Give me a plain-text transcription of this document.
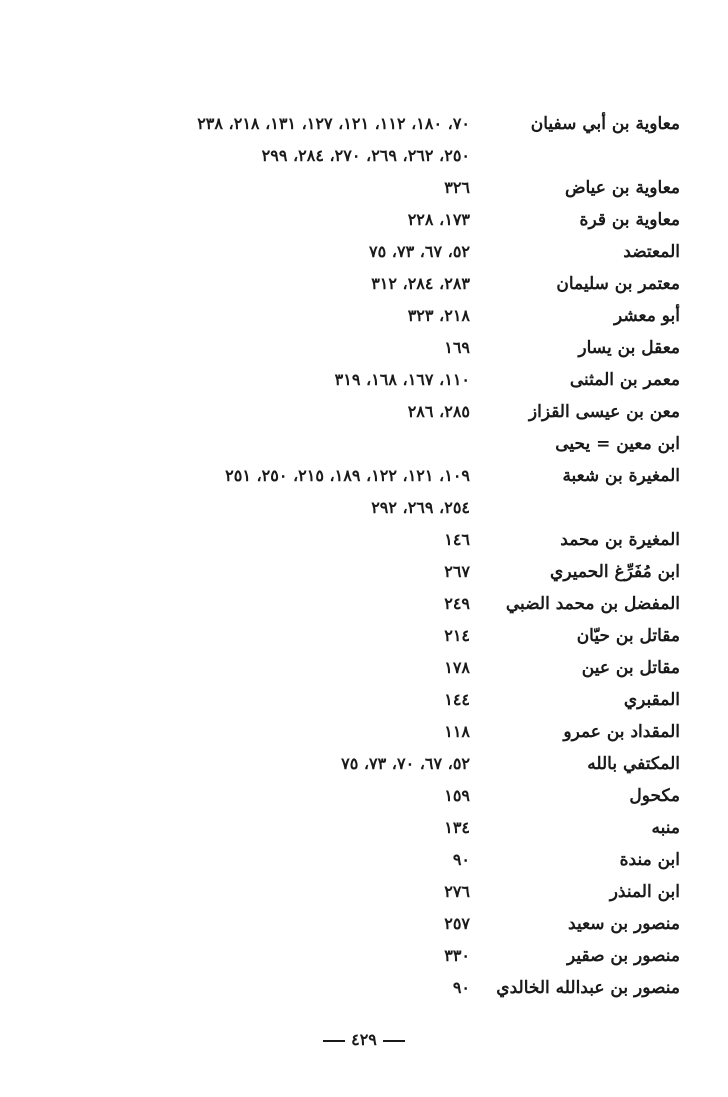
معاوية بن أبي سفيان
٧٠، ١٨٠، ١١٢، ١٢١، ١٢٧، ١٣١، ٢١٨، ٢٣٨
٢٥٠، ٢٦٢، ٢٦٩، ٢٧٠، ٢٨٤، ٢٩٩
معاوية بن عياض
٣٢٦
معاوية بن قرة
١٧٣، ٢٢٨
المعتضد
٥٢، ٦٧، ٧٣، ٧٥
معتمر بن سليمان
٢٨٣، ٢٨٤، ٣١٢
أبو معشر
٢١٨، ٣٢٣
معقل بن يسار
١٦٩
معمر بن المثنى
١١٠، ١٦٧، ١٦٨، ٣١٩
معن بن عيسى القزاز
٢٨٥، ٢٨٦
ابن معين = يحيى
المغيرة بن شعبة
١٠٩، ١٢١، ١٢٢، ١٨٩، ٢١٥، ٢٥٠، ٢٥١
٢٥٤، ٢٦٩، ٢٩٢
المغيرة بن محمد
١٤٦
ابن مُفَرِّغ الحميري
٢٦٧
المفضل بن محمد الضبي
٢٤٩
مقاتل بن حيّان
٢١٤
مقاتل بن عين
١٧٨
المقبري
١٤٤
المقداد بن عمرو
١١٨
المكتفي بالله
٥٢، ٦٧، ٧٠، ٧٣، ٧٥
مكحول
١٥٩
منبه
١٣٤
ابن مندة
٩٠
ابن المنذر
٢٧٦
منصور بن سعيد
٢٥٧
منصور بن صقير
٣٣٠
منصور بن عبدالله الخالدي
٩٠
٤٢٩
